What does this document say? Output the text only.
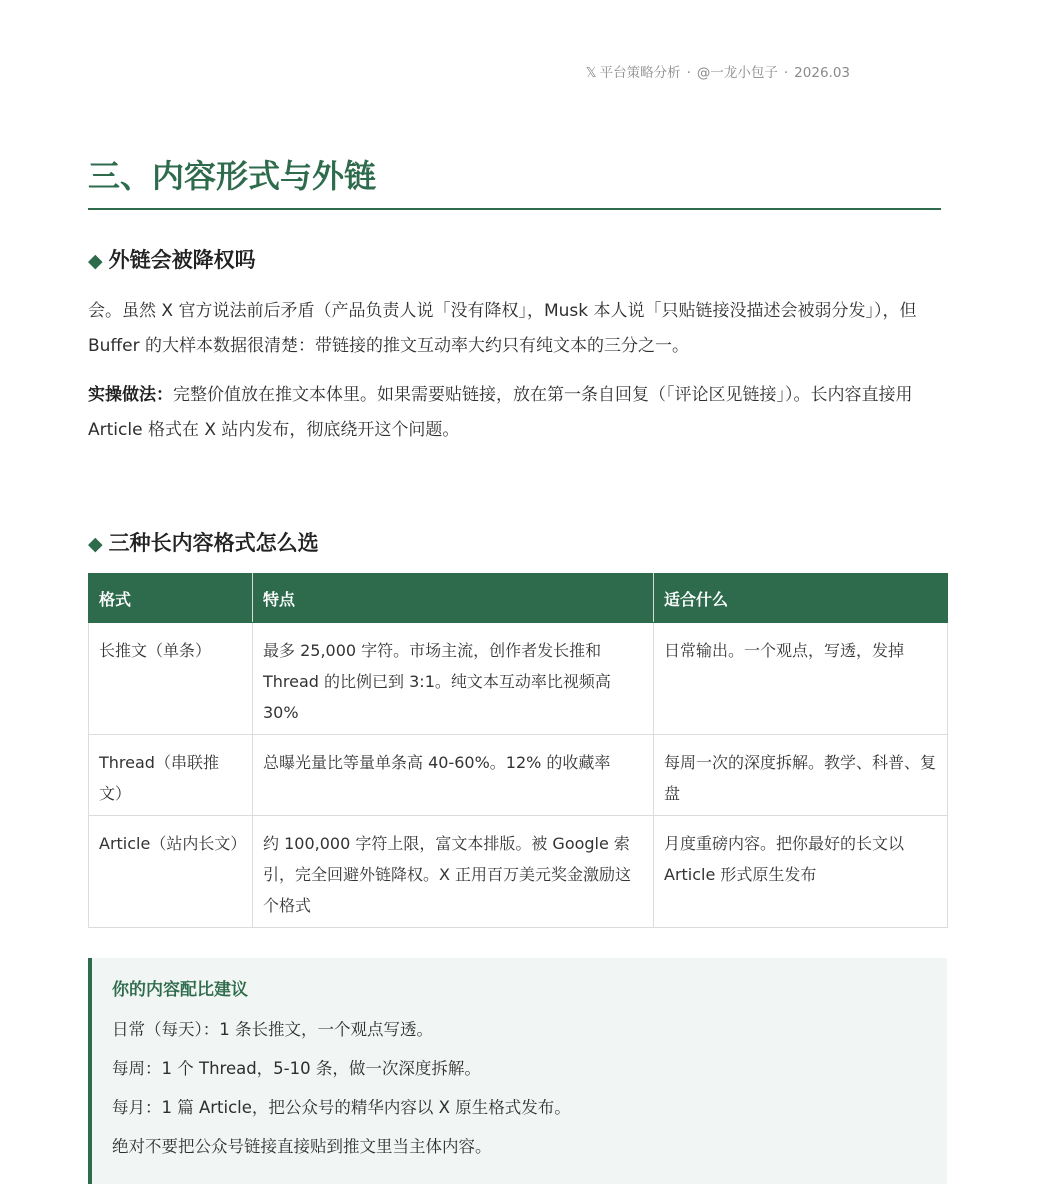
𝕏 平台策略分析 · @一龙小包子 · 2026.03
三、内容形式与外链
◆ 外链会被降权吗

会。虽然 X 官方说法前后矛盾（产品负责人说「没有降权」，Musk 本人说「只贴链接没描述会被弱分发」），但 Buffer 的大样本数据很清楚：带链接的推文互动率大约只有纯文本的三分之一。

实操做法：完整价值放在推文本体里。如果需要贴链接，放在第一条自回复（「评论区见链接」）。长内容直接用 Article 格式在 X 站内发布，彻底绕开这个问题。

◆ 三种长内容格式怎么选
格式	特点	适合什么
长推文（单条）	最多 25,000 字符。市场主流，创作者发长推和 Thread 的比例已到 3:1。纯文本互动率比视频高 30%	日常输出。一个观点，写透，发掉
Thread（串联推文）	总曝光量比等量单条高 40-60%。12% 的收藏率	每周一次的深度拆解。教学、科普、复盘
Article（站内长文）	约 100,000 字符上限，富文本排版。被 Google 索引，完全回避外链降权。X 正用百万美元奖金激励这个格式	月度重磅内容。把你最好的长文以 Article 形式原生发布
你的内容配比建议
日常（每天）：1 条长推文，一个观点写透。
每周：1 个 Thread，5-10 条，做一次深度拆解。
每月：1 篇 Article，把公众号的精华内容以 X 原生格式发布。
绝对不要把公众号链接直接贴到推文里当主体内容。
